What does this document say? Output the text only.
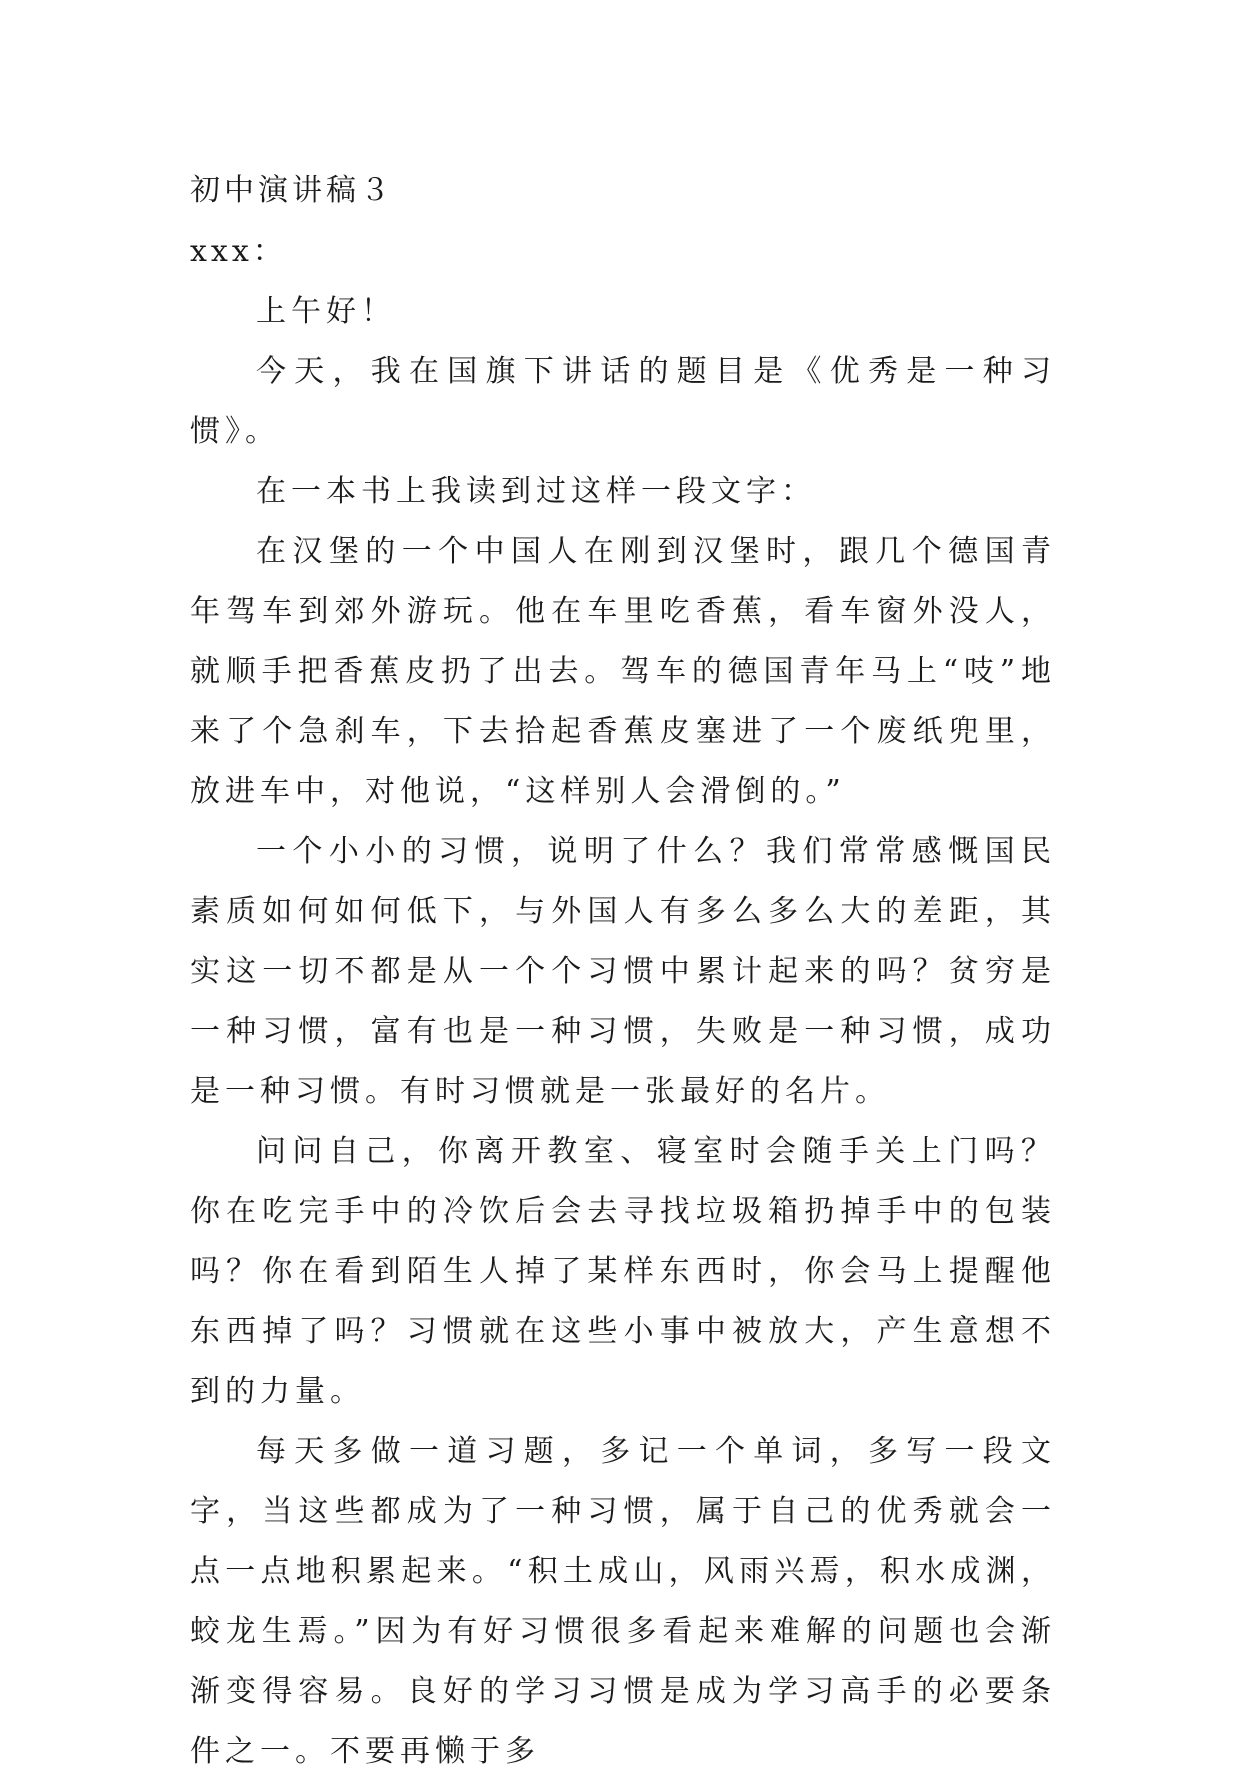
初中演讲稿３

xxx：

上午好！

今天，我在国旗下讲话的题目是《优秀是一种习惯》。

在一本书上我读到过这样一段文字：

在汉堡的一个中国人在刚到汉堡时，跟几个德国青年驾车到郊外游玩。他在车里吃香蕉，看车窗外没人，就顺手把香蕉皮扔了出去。驾车的德国青年马上“吱”地来了个急刹车，下去拾起香蕉皮塞进了一个废纸兜里，放进车中，对他说，“这样别人会滑倒的。”

一个小小的习惯，说明了什么？我们常常感慨国民素质如何如何低下，与外国人有多么多么大的差距，其实这一切不都是从一个个习惯中累计起来的吗？贫穷是一种习惯，富有也是一种习惯，失败是一种习惯，成功是一种习惯。有时习惯就是一张最好的名片。

问问自己，你离开教室、寝室时会随手关上门吗？你在吃完手中的冷饮后会去寻找垃圾箱扔掉手中的包装吗？你在看到陌生人掉了某样东西时，你会马上提醒他东西掉了吗？习惯就在这些小事中被放大，产生意想不到的力量。

每天多做一道习题，多记一个单词，多写一段文字，当这些都成为了一种习惯，属于自己的优秀就会一点一点地积累起来。“积土成山，风雨兴焉，积水成渊，蛟龙生焉。”因为有好习惯很多看起来难解的问题也会渐渐变得容易。良好的学习习惯是成为学习高手的必要条件之一。不要再懒于多
